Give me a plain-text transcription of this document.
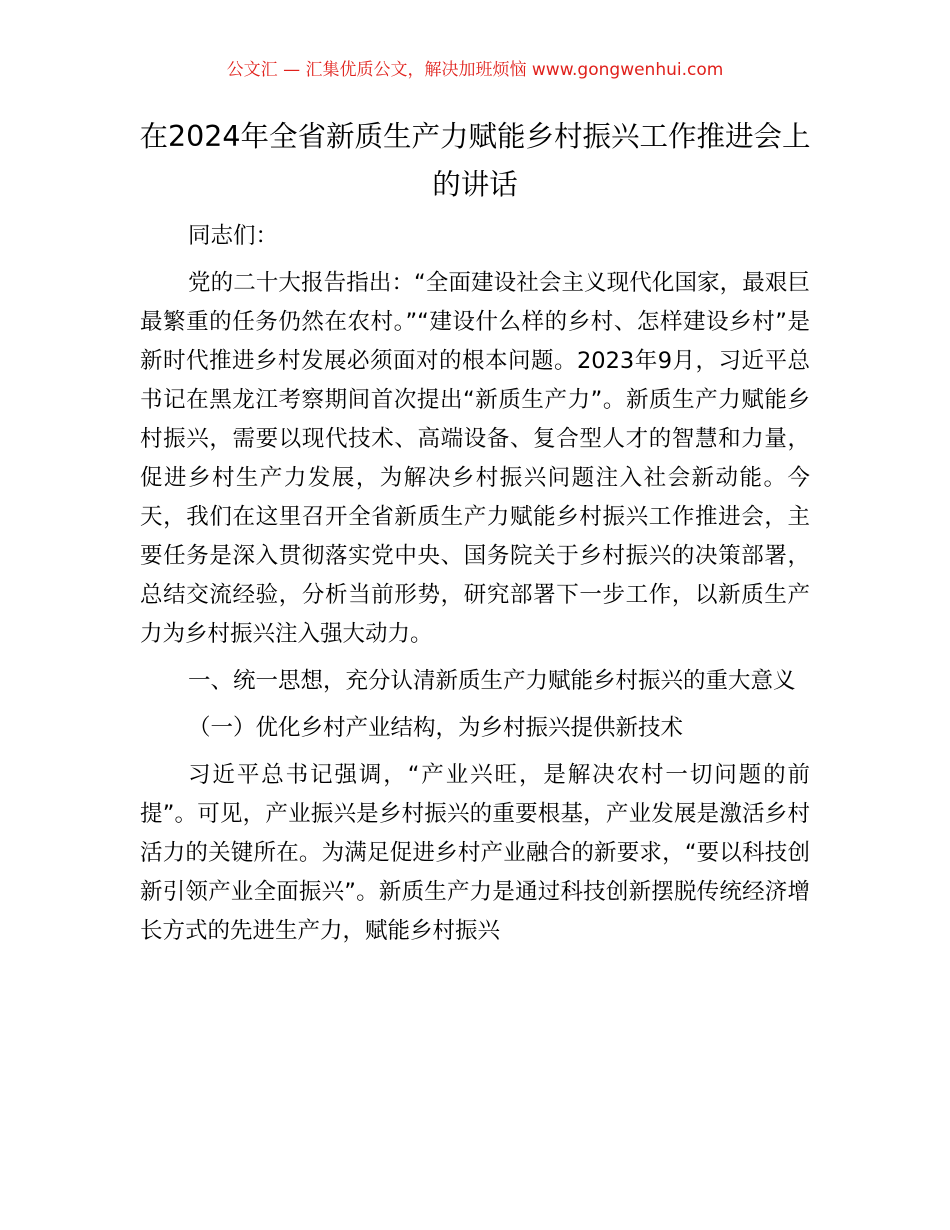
公文汇 — 汇集优质公文，解决加班烦恼 www.gongwenhui.com
在2024年全省新质生产力赋能乡村振兴工作推进会上的讲话

同志们：

党的二十大报告指出：“全面建设社会主义现代化国家，最艰巨最繁重的任务仍然在农村。”“建设什么样的乡村、怎样建设乡村”是新时代推进乡村发展必须面对的根本问题。2023年9月，习近平总书记在黑龙江考察期间首次提出“新质生产力”。新质生产力赋能乡村振兴，需要以现代技术、高端设备、复合型人才的智慧和力量，促进乡村生产力发展，为解决乡村振兴问题注入社会新动能。今天，我们在这里召开全省新质生产力赋能乡村振兴工作推进会，主要任务是深入贯彻落实党中央、国务院关于乡村振兴的决策部署，总结交流经验，分析当前形势，研究部署下一步工作，以新质生产力为乡村振兴注入强大动力。

一、统一思想，充分认清新质生产力赋能乡村振兴的重大意义

（一）优化乡村产业结构，为乡村振兴提供新技术

习近平总书记强调，“产业兴旺，是解决农村一切问题的前提”。可见，产业振兴是乡村振兴的重要根基，产业发展是激活乡村活力的关键所在。为满足促进乡村产业融合的新要求，“要以科技创新引领产业全面振兴”。新质生产力是通过科技创新摆脱传统经济增长方式的先进生产力，赋能乡村振兴
